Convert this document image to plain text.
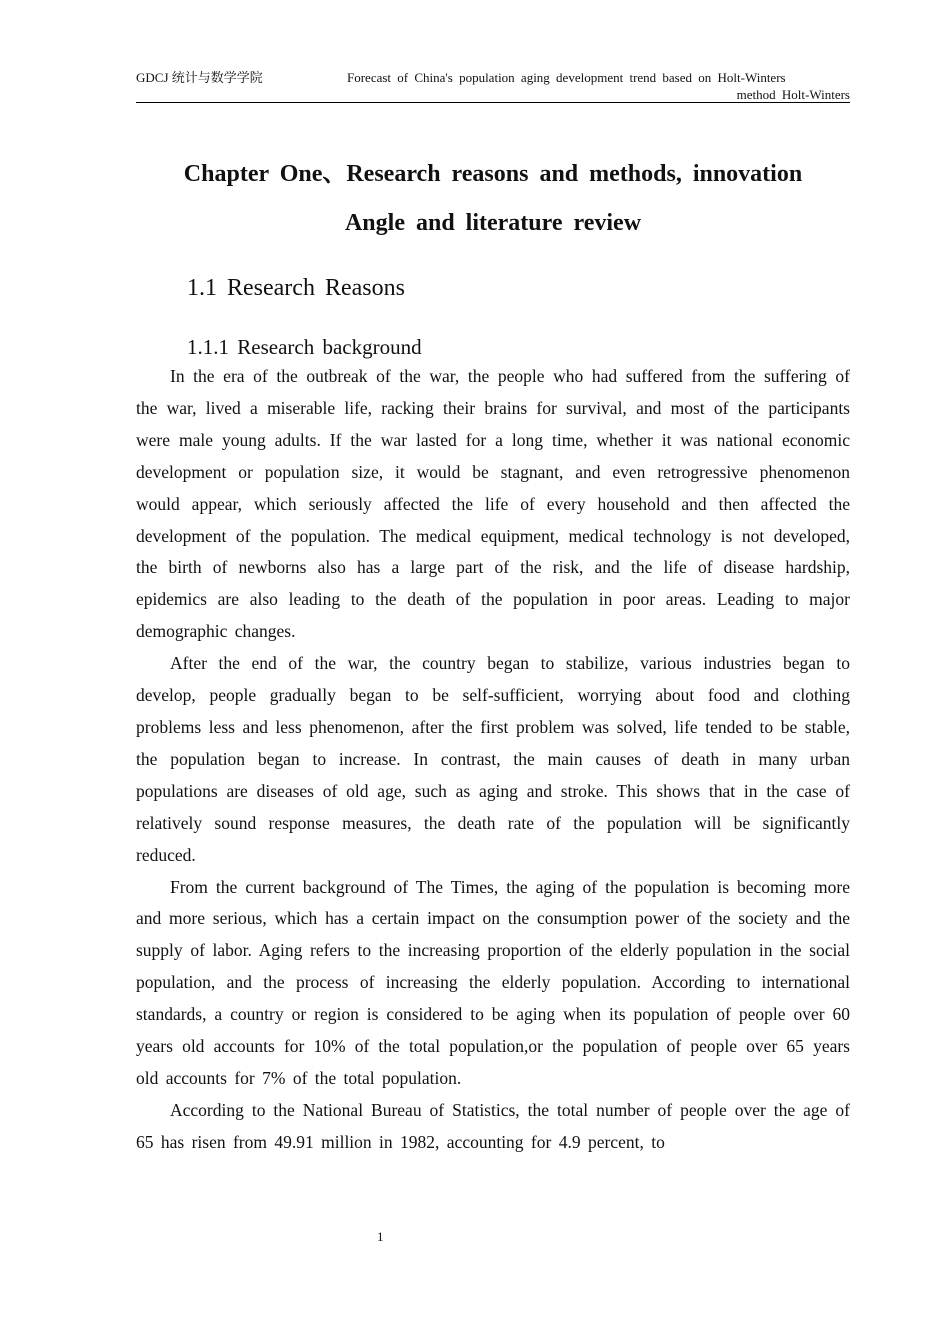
GDCJ 统计与数学学院	Forecast of China's population aging development trend based on Holt-Winters
method Holt-Winters
Chapter One、Research reasons and methods, innovation
Angle and literature review
1.1 Research Reasons
1.1.1 Research background

In the era of the outbreak of the war, the people who had suffered from the suffering of the war, lived a miserable life, racking their brains for survival, and most of the participants were male young adults. If the war lasted for a long time, whether it was national economic development or population size, it would be stagnant, and even retrogressive phenomenon would appear, which seriously affected the life of every household and then affected the development of the population. The medical equipment, medical technology is not developed, the birth of newborns also has a large part of the risk, and the life of disease hardship, epidemics are also leading to the death of the population in poor areas. Leading to major demographic changes.

After the end of the war, the country began to stabilize, various industries began to develop, people gradually began to be self-sufficient, worrying about food and clothing problems less and less phenomenon, after the first problem was solved, life tended to be stable, the population began to increase. In contrast, the main causes of death in many urban populations are diseases of old age, such as aging and stroke. This shows that in the case of relatively sound response measures, the death rate of the population will be significantly reduced.

From the current background of The Times, the aging of the population is becoming more and more serious, which has a certain impact on the consumption power of the society and the supply of labor. Aging refers to the increasing proportion of the elderly population in the social population, and the process of increasing the elderly population. According to international standards, a country or region is considered to be aging when its population of people over 60 years old accounts for 10% of the total population,or the population of people over 65 years old accounts for 7% of the total population.

According to the National Bureau of Statistics, the total number of people over the age of 65 has risen from 49.91 million in 1982, accounting for 4.9 percent, to

1
